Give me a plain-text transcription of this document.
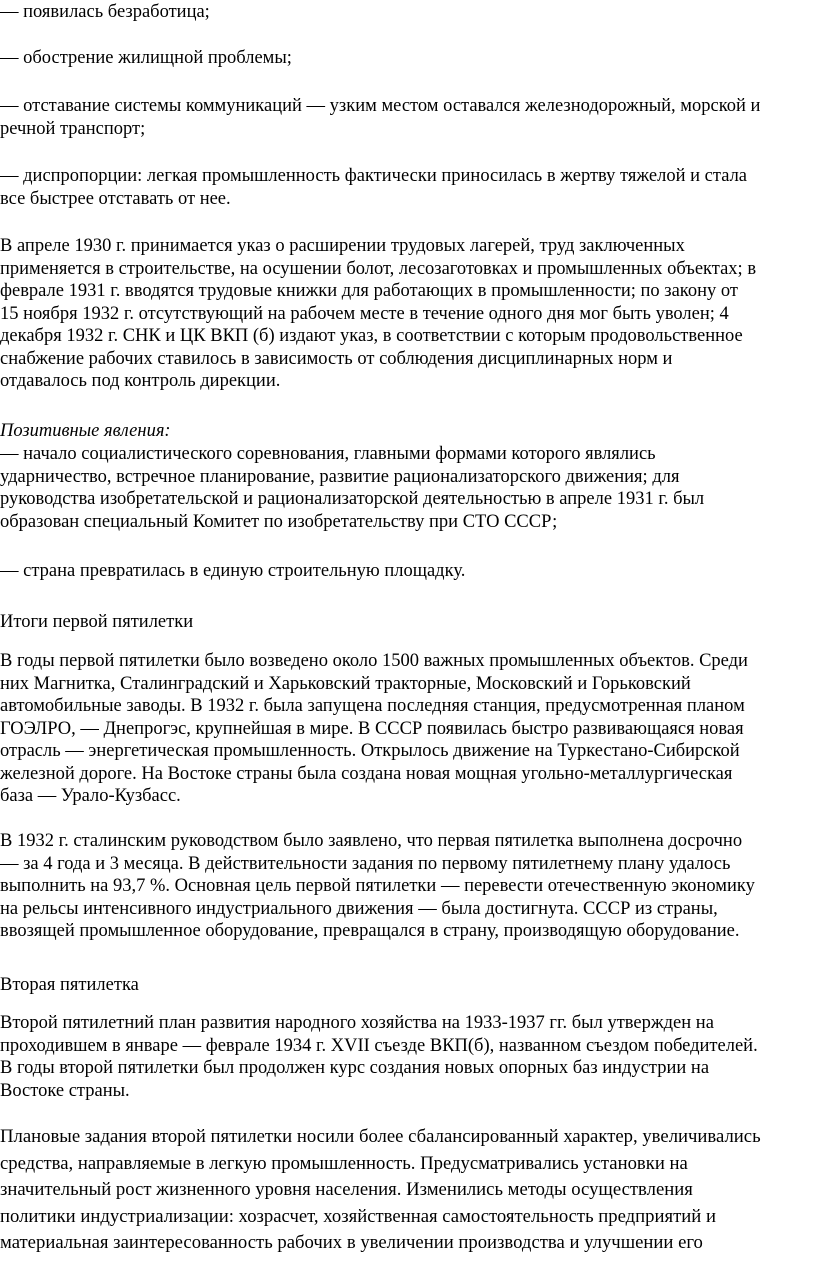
— появилась безработица;

— обострение жилищной проблемы;

— отставание системы коммуникаций — узким местом оставался железнодорожный, морской и
речной транспорт;

— диспропорции: легкая промышленность фактически приносилась в жертву тяжелой и стала
все быстрее отставать от нее.

В апреле 1930 г. принимается указ о расширении трудовых лагерей, труд заключенных
применяется в строительстве, на осушении болот, лесозаготовках и промышленных объектах; в
феврале 1931 г. вводятся трудовые книжки для работающих в промышленности; по закону от
15 ноября 1932 г. отсутствующий на рабочем месте в течение одного дня мог быть уволен; 4
декабря 1932 г. СНК и ЦК ВКП (б) издают указ, в соответствии с которым продовольственное
снабжение рабочих ставилось в зависимость от соблюдения дисциплинарных норм и
отдавалось под контроль дирекции.

Позитивные явления:

— начало социалистического соревнования, главными формами которого являлись
ударничество, встречное планирование, развитие рационализаторского движения; для
руководства изобретательской и рационализаторской деятельностью в апреле 1931 г. был
образован специальный Комитет по изобретательству при СТО СССР;

— страна превратилась в единую строительную площадку.

Итоги первой пятилетки

В годы первой пятилетки было возведено около 1500 важных промышленных объектов. Среди
них Магнитка, Сталинградский и Харьковский тракторные, Московский и Горьковский
автомобильные заводы. В 1932 г. была запущена последняя станция, предусмотренная планом
ГОЭЛРО, — Днепрогэс, крупнейшая в мире. В СССР появилась быстро развивающаяся новая
отрасль — энергетическая промышленность. Открылось движение на Туркестано-Сибирской
железной дороге. На Востоке страны была создана новая мощная угольно-металлургическая
база — Урало-Кузбасс.

В 1932 г. сталинским руководством было заявлено, что первая пятилетка выполнена досрочно
— за 4 года и 3 месяца. В действительности задания по первому пятилетнему плану удалось
выполнить на 93,7 %. Основная цель первой пятилетки — перевести отечественную экономику
на рельсы интенсивного индустриального движения — была достигнута. СССР из страны,
ввозящей промышленное оборудование, превращался в страну, производящую оборудование.

Вторая пятилетка

Второй пятилетний план развития народного хозяйства на 1933-1937 гг. был утвержден на
проходившем в январе — феврале 1934 г. XVII съезде ВКП(б), названном съездом победителей.
В годы второй пятилетки был продолжен курс создания новых опорных баз индустрии на
Востоке страны.

Плановые задания второй пятилетки носили более сбалансированный характер, увеличивались
средства, направляемые в легкую промышленность. Предусматривались установки на
значительный рост жизненного уровня населения. Изменились методы осуществления
политики индустриализации: хозрасчет, хозяйственная самостоятельность предприятий и
материальная заинтересованность рабочих в увеличении производства и улучшении его
